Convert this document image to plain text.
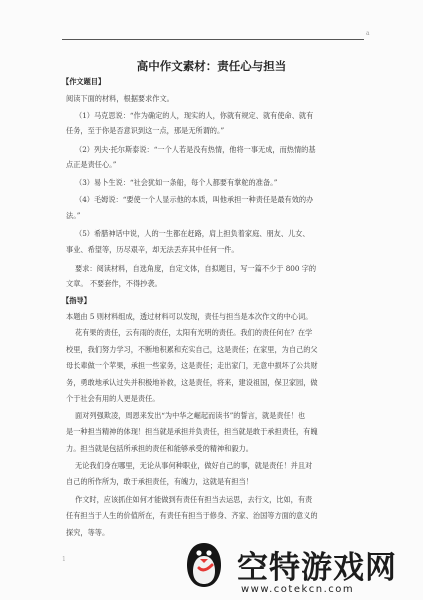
a
高中作文素材：责任心与担当
【作文题目】
阅读下面的材料，根据要求作文。
（1）马克思说：“作为确定的人，现实的人，你就有规定、就有使命、就有
任务，至于你是否意识到这一点，那是无所谓的。”
（2）列夫·托尔斯泰说：“一个人若是没有热情，他将一事无成，而热情的基
点正是责任心。”
（3）易卜生说：“社会犹如一条船，每个人都要有掌舵的准备。”
（4）毛姆说：“要使一个人显示他的本质，叫他承担一种责任是最有效的办
法。”
（5）希腊神话中说，人的一生都在赶路，肩上担负着家庭、朋友、儿女、
事业、希望等，历尽艰辛，却无法丢弃其中任何一件。
要求：阅读材料，自选角度，自定文体，自拟题目，写一篇不少于 800 字的
文章。 不要套作，不得抄袭。
【指导】
本题由 5 则材料组成，透过材料可以发现，责任与担当是本次作文的中心词。
花有果的责任，云有雨的责任，太阳有光明的责任。我们的责任何在？在学
校里，我们努力学习，不断地积累和充实自己，这是责任；在家里，为自己的父
母长辈做一个苹果，承担一些家务，这是责任；走出家门，无意中损坏了公共财
务，勇敢地承认过失并积极地补救，这是责任，将来，建设祖国，保卫家园，做
个于社会有用的人更是责任。
面对列强欺凌，周恩来发出“为中华之崛起而读书”的誓言，就是责任！也
是一种担当精神的体现！担当就是承担并负责任，担当就是敢于承担责任，有魄
力。担当就是包括所承担的责任和能够承受的精神和毅力。
无论我们身在哪里，无论从事何种职业，做好自己的事，就是责任！并且对
自己的所作所为，敢于承担责任，有魄力，这就是有担当！
作文时，应该抓住如何才能做到有责任有担当去运思，去行文，比如，有责
任有担当于人生的价值所在，有责任有担当于修身、齐家、治国等方面的意义的
探究，等等。
1	空特游戏网
www.cotekcn.com
